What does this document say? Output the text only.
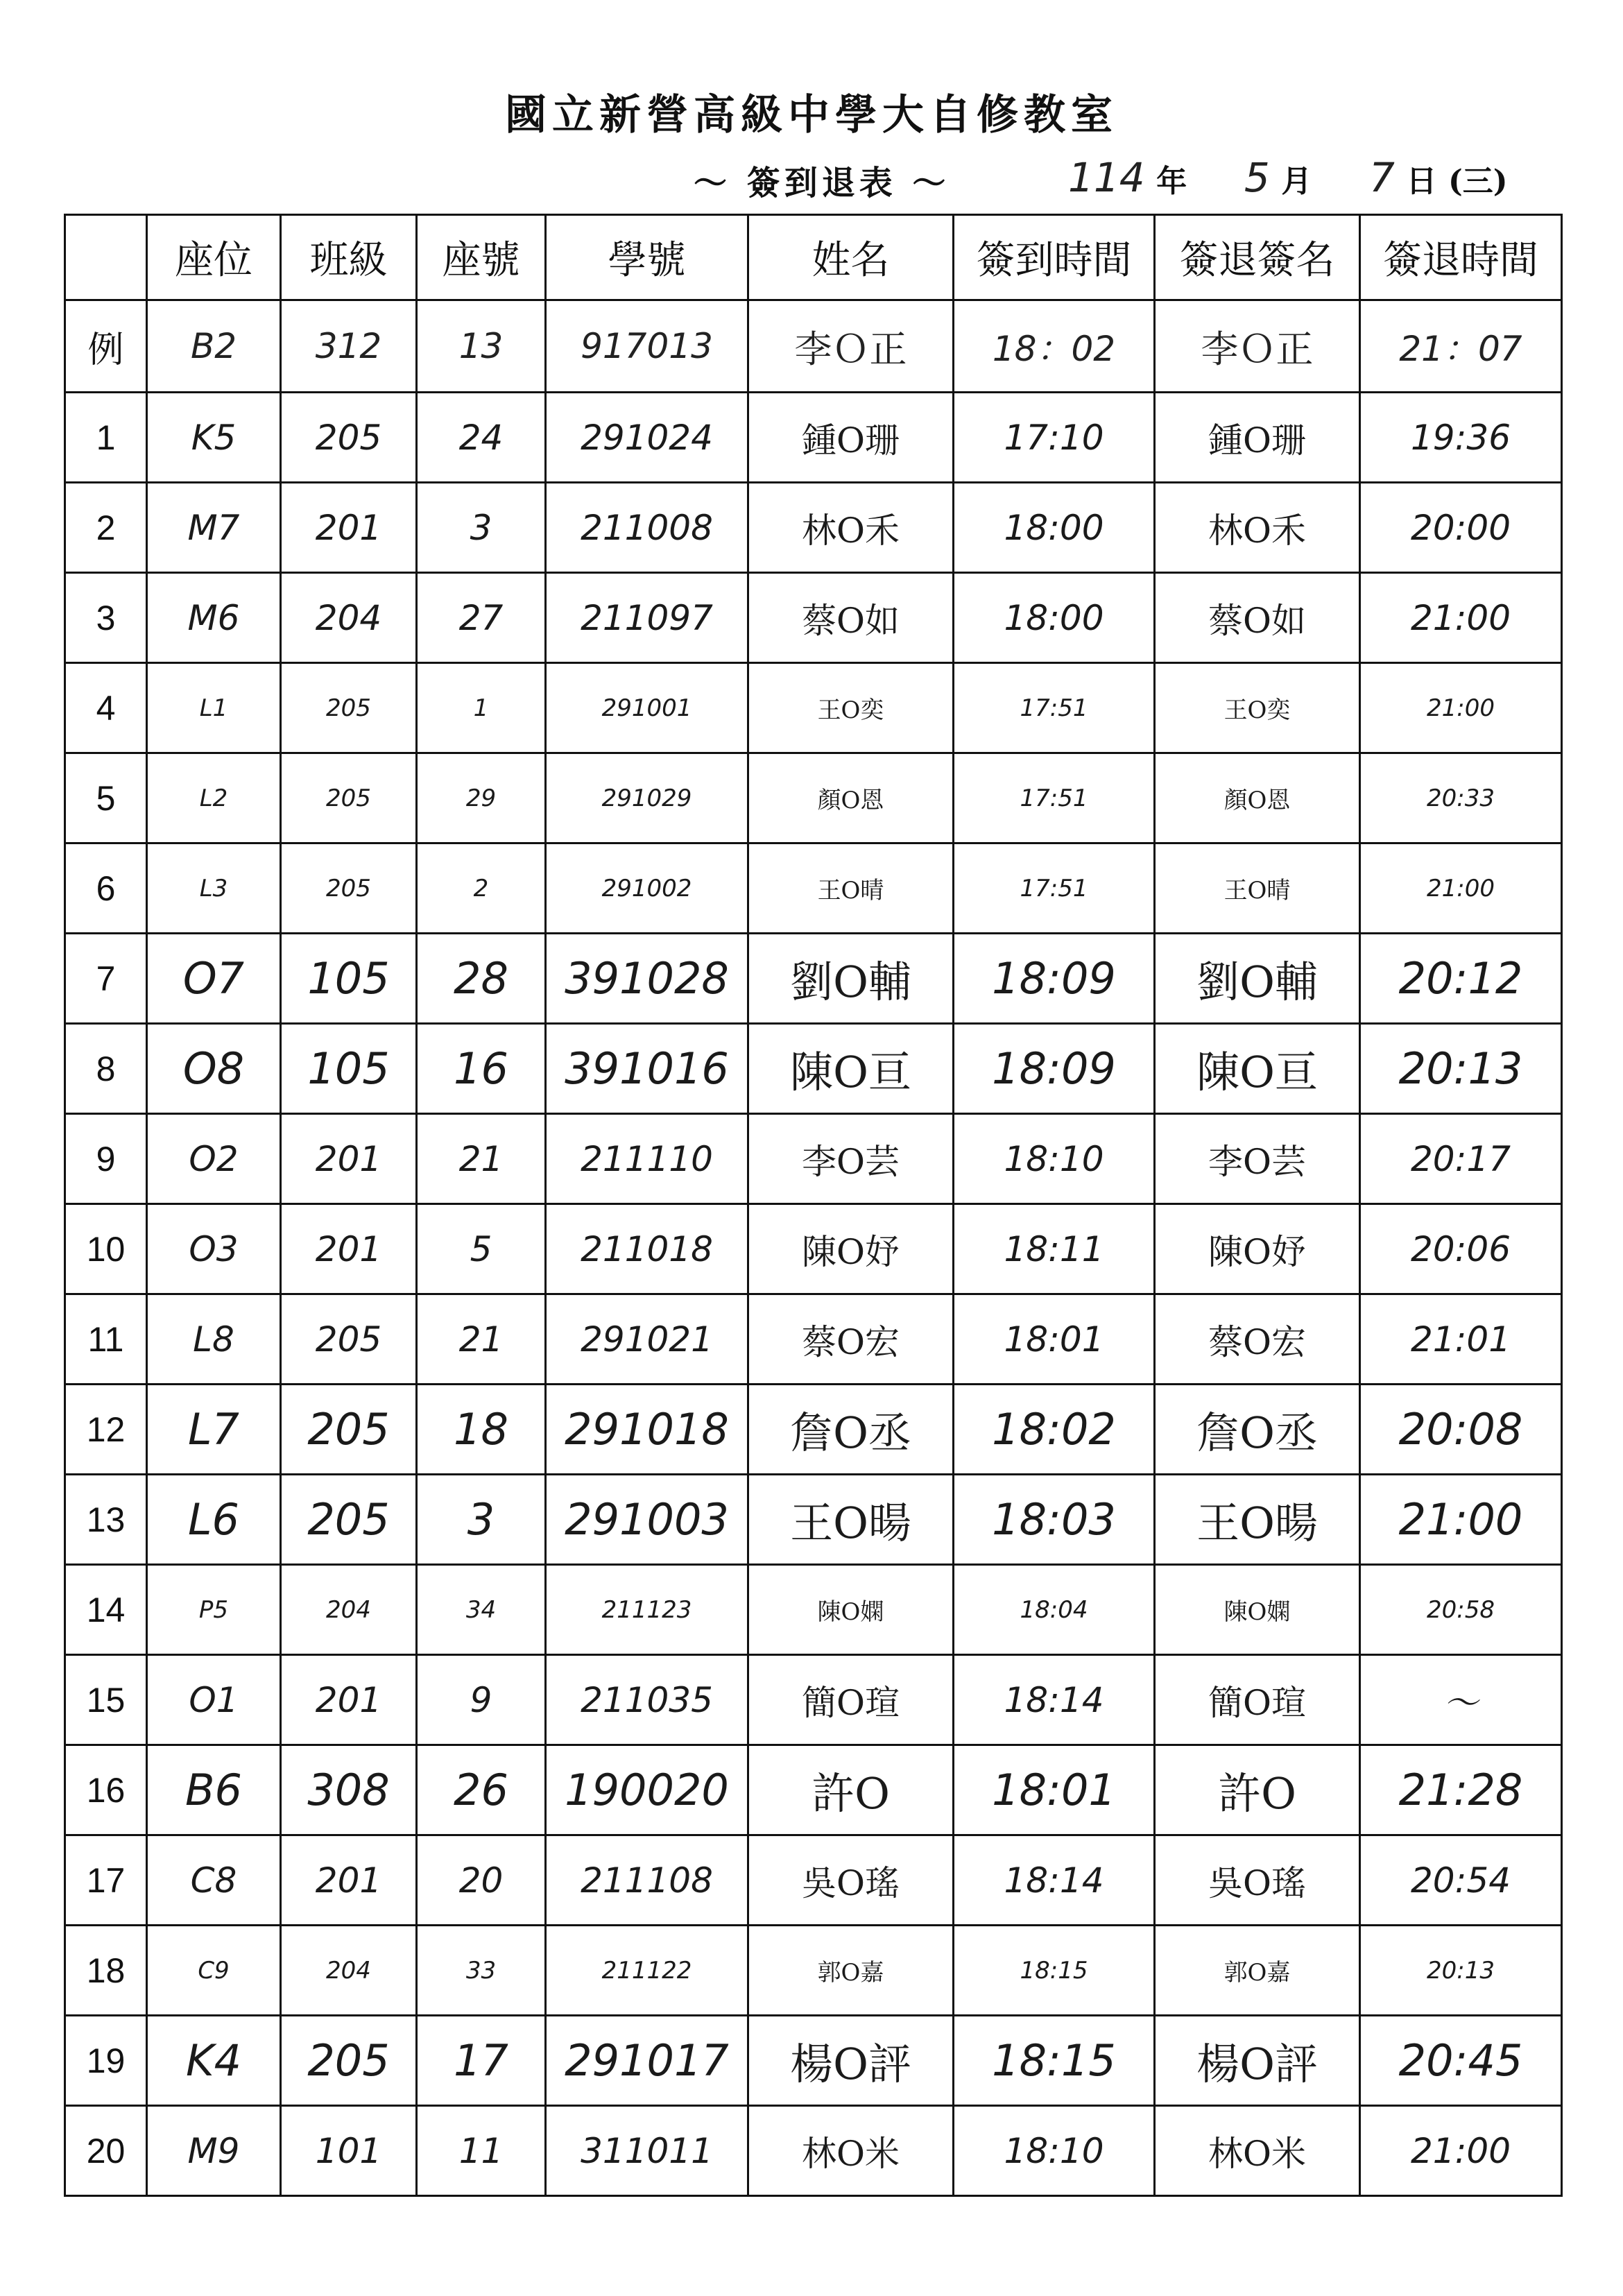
國立新營高級中學大自修教室
～ 簽到退表 ～	114 年 5 月 7 日 (三)
	座位	班級	座號	學號	姓名	簽到時間	簽退簽名	簽退時間
例	B2	312	13	917013	李Ｏ正	18：02	李Ｏ正	21：07
1	K5	205	24	291024	鍾O珊	17:10	鍾O珊	19:36
2	M7	201	3	211008	林O禾	18:00	林O禾	20:00
3	M6	204	27	211097	蔡O如	18:00	蔡O如	21:00
4	L1	205	1	291001	王O奕	17:51	王O奕	21:00
5	L2	205	29	291029	顏O恩	17:51	顏O恩	20:33
6	L3	205	2	291002	王O晴	17:51	王O晴	21:00
7	O7	105	28	391028	劉O輔	18:09	劉O輔	20:12
8	O8	105	16	391016	陳O亘	18:09	陳O亘	20:13
9	O2	201	21	211110	李O芸	18:10	李O芸	20:17
10	O3	201	5	211018	陳O妤	18:11	陳O妤	20:06
11	L8	205	21	291021	蔡O宏	18:01	蔡O宏	21:01
12	L7	205	18	291018	詹O丞	18:02	詹O丞	20:08
13	L6	205	3	291003	王O暘	18:03	王O暘	21:00
14	P5	204	34	211123	陳O嫻	18:04	陳O嫻	20:58
15	O1	201	9	211035	簡O瑄	18:14	簡O瑄	～
16	B6	308	26	190020	許O	18:01	許O	21:28
17	C8	201	20	211108	吳O瑤	18:14	吳O瑤	20:54
18	C9	204	33	211122	郭O嘉	18:15	郭O嘉	20:13
19	K4	205	17	291017	楊O評	18:15	楊O評	20:45
20	M9	101	11	311011	林O米	18:10	林O米	21:00
